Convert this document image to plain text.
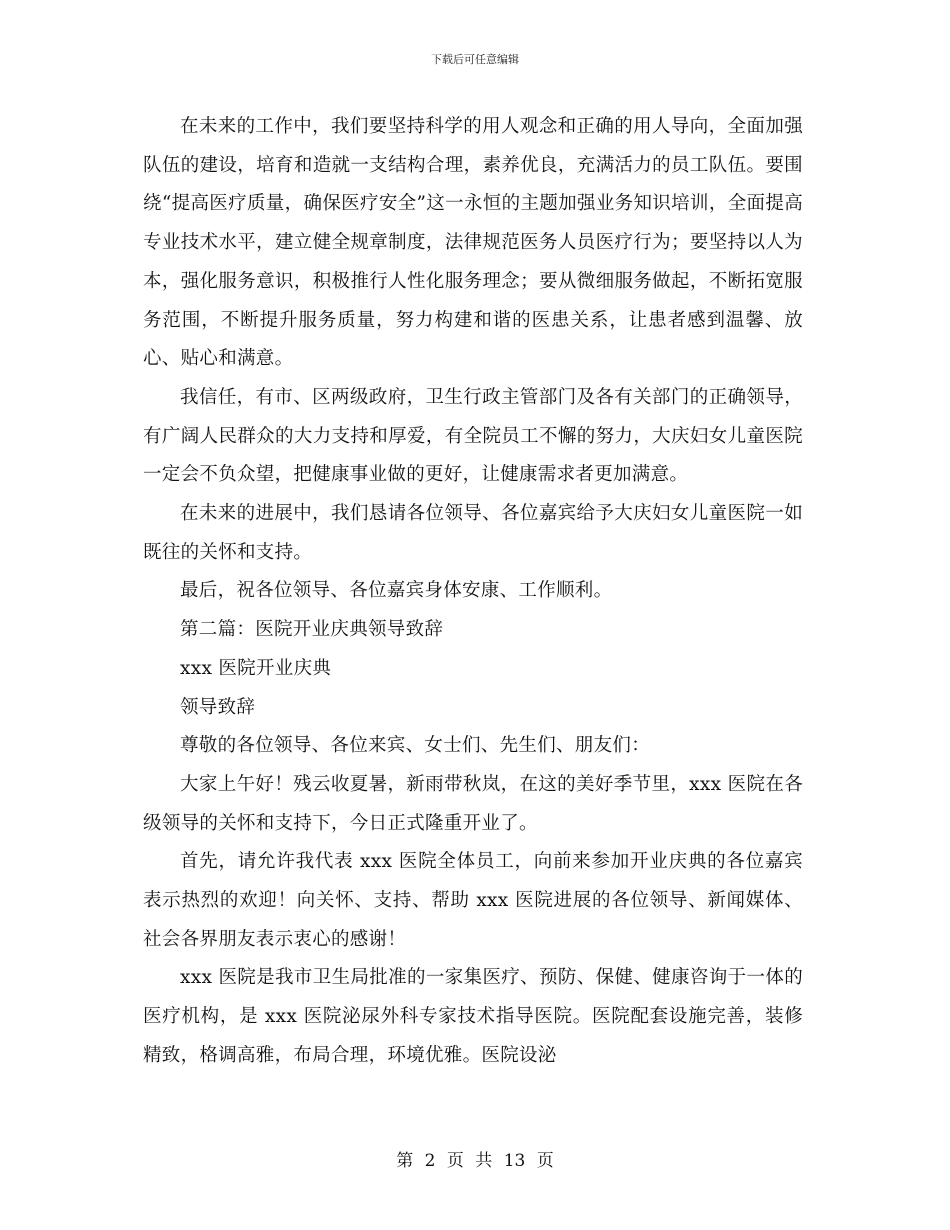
下载后可任意编辑

在未来的工作中，我们要坚持科学的用人观念和正确的用人导向，全面加强队伍的建设，培育和造就一支结构合理，素养优良，充满活力的员工队伍。要围绕“提高医疗质量，确保医疗安全”这一永恒的主题加强业务知识培训，全面提高专业技术水平，建立健全规章制度，法律规范医务人员医疗行为；要坚持以人为本，强化服务意识，积极推行人性化服务理念；要从微细服务做起，不断拓宽服务范围，不断提升服务质量，努力构建和谐的医患关系，让患者感到温馨、放心、贴心和满意。

我信任，有市、区两级政府，卫生行政主管部门及各有关部门的正确领导，有广阔人民群众的大力支持和厚爱，有全院员工不懈的努力，大庆妇女儿童医院一定会不负众望，把健康事业做的更好，让健康需求者更加满意。

在未来的进展中，我们恳请各位领导、各位嘉宾给予大庆妇女儿童医院一如既往的关怀和支持。

最后，祝各位领导、各位嘉宾身体安康、工作顺利。

第二篇：医院开业庆典领导致辞

xxx 医院开业庆典

领导致辞

尊敬的各位领导、各位来宾、女士们、先生们、朋友们：

大家上午好！残云收夏暑，新雨带秋岚，在这的美好季节里，xxx 医院在各级领导的关怀和支持下，今日正式隆重开业了。

首先，请允许我代表 xxx 医院全体员工，向前来参加开业庆典的各位嘉宾表示热烈的欢迎！向关怀、支持、帮助 xxx 医院进展的各位领导、新闻媒体、社会各界朋友表示衷心的感谢！

xxx 医院是我市卫生局批准的一家集医疗、预防、保健、健康咨询于一体的医疗机构，是 xxx 医院泌尿外科专家技术指导医院。医院配套设施完善，装修精致，格调高雅，布局合理，环境优雅。医院设泌

第 2 页 共 13 页
